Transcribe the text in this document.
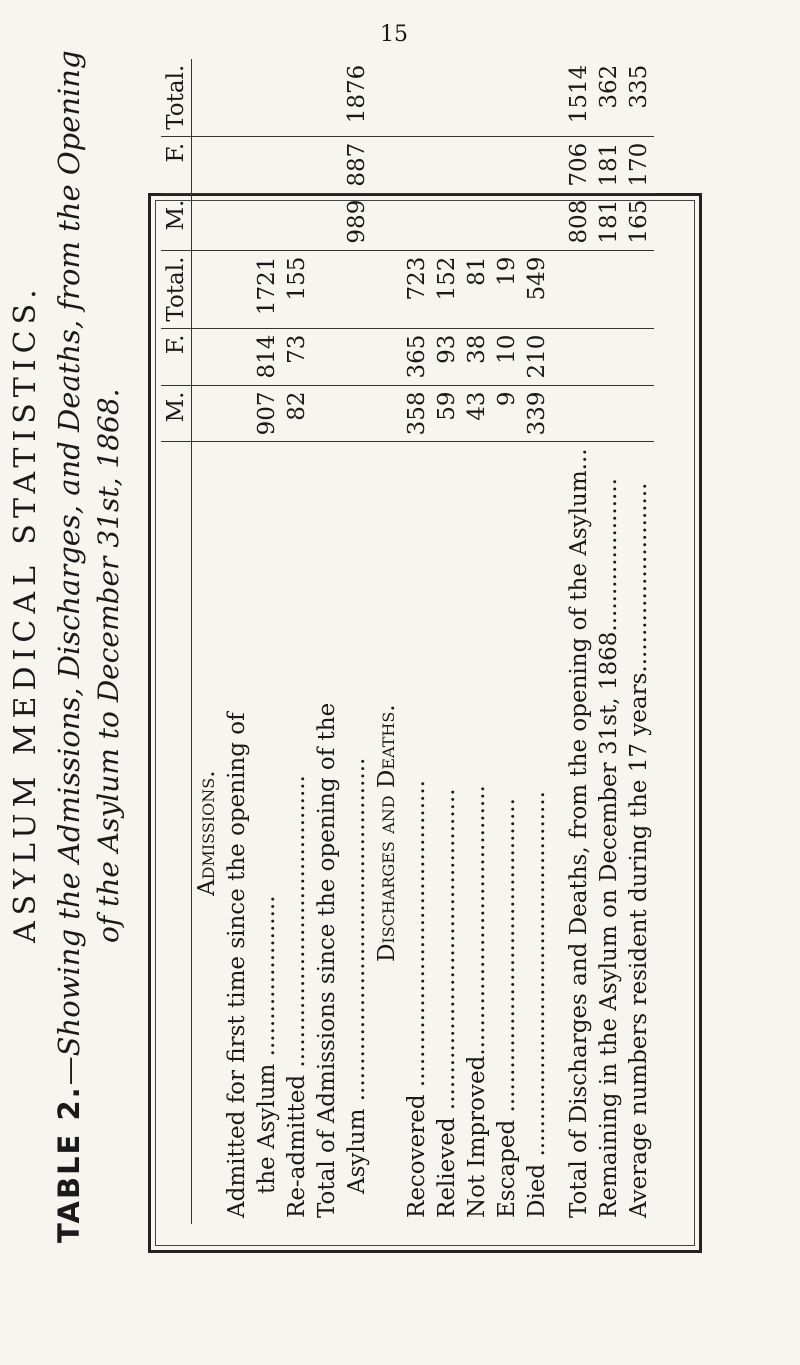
15
ASYLUM MEDICAL STATISTICS.
TABLE 2.—Showing the Admissions, Discharges, and Deaths, from the Opening of the Asylum to December 31st, 1868.
	M.	F.	Total.	M.	F.	Total.
Admissions.						
Admitted for first time since the opening of						
the Asylum ......................	907	814	1721			
Re-admitted ........................................	82	73	155			
Total of Admissions since the opening of the						
Asylum ...............................................				989	887	1876
Discharges and Deaths.						
Recovered ..........................................	358	365	723			
Relieved ............................................	59	93	152			
Not Improved.....................................	43	38	81			
Escaped ...........................................	9	10	19			
Died ..................................................	339	210	549			

Total of Discharges and Deaths, from the opening of the Asylum...				808	706	1514
Remaining in the Asylum on December 31st, 1868.....................				181	181	362
Average numbers resident during the 17 years..........................				165	170	335
